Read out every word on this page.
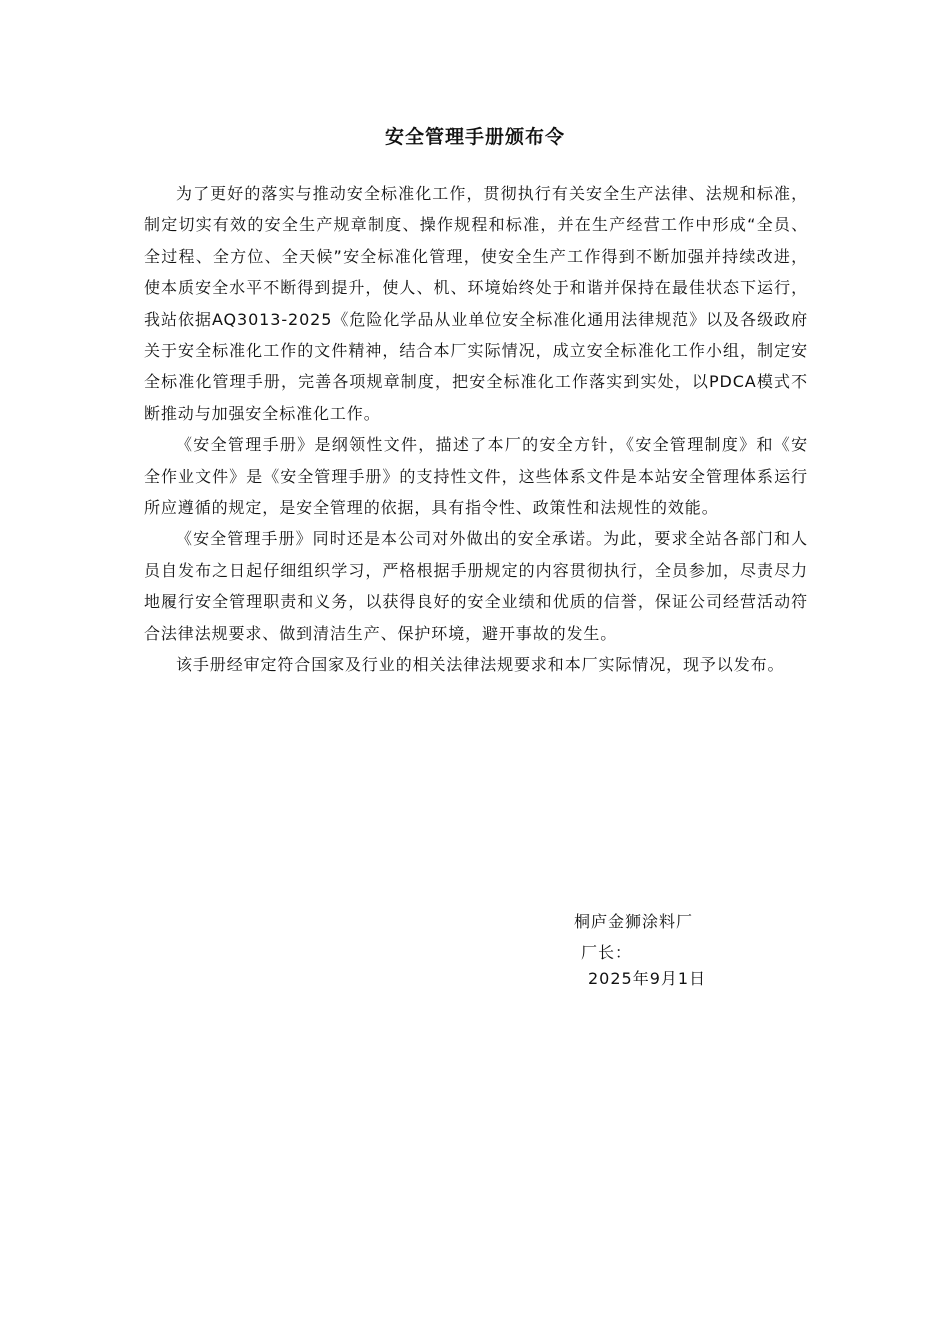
安全管理手册颁布令

为了更好的落实与推动安全标准化工作，贯彻执行有关安全生产法律、法规和标准，制定切实有效的安全生产规章制度、操作规程和标准，并在生产经营工作中形成“全员、全过程、全方位、全天候”安全标准化管理，使安全生产工作得到不断加强并持续改进，使本质安全水平不断得到提升，使人、机、环境始终处于和谐并保持在最佳状态下运行，我站依据AQ3013-2025《危险化学品从业单位安全标准化通用法律规范》以及各级政府关于安全标准化工作的文件精神，结合本厂实际情况，成立安全标准化工作小组，制定安全标准化管理手册，完善各项规章制度，把安全标准化工作落实到实处，以PDCA模式不断推动与加强安全标准化工作。

《安全管理手册》是纲领性文件，描述了本厂的安全方针，《安全管理制度》和《安全作业文件》是《安全管理手册》的支持性文件，这些体系文件是本站安全管理体系运行所应遵循的规定，是安全管理的依据，具有指令性、政策性和法规性的效能。

《安全管理手册》同时还是本公司对外做出的安全承诺。为此，要求全站各部门和人员自发布之日起仔细组织学习，严格根据手册规定的内容贯彻执行，全员参加，尽责尽力地履行安全管理职责和义务，以获得良好的安全业绩和优质的信誉，保证公司经营活动符合法律法规要求、做到清洁生产、保护环境，避开事故的发生。

该手册经审定符合国家及行业的相关法律法规要求和本厂实际情况，现予以发布。

桐庐金狮涂料厂
厂长：
2025年9月1日
